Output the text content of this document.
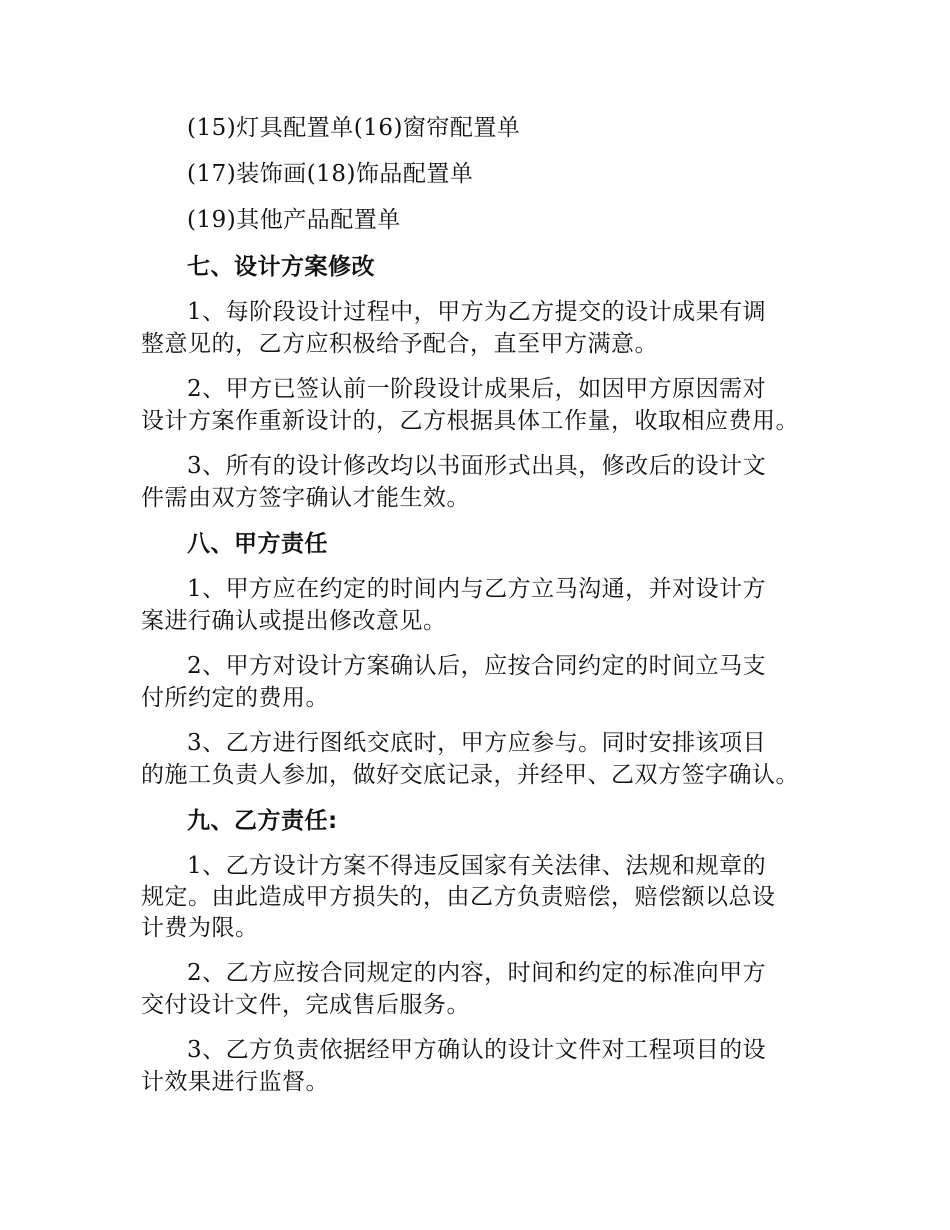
(15)灯具配置单(16)窗帘配置单
(17)装饰画(18)饰品配置单
(19)其他产品配置单
七、设计方案修改
1、每阶段设计过程中，甲方为乙方提交的设计成果有调
整意见的，乙方应积极给予配合，直至甲方满意。
2、甲方已签认前一阶段设计成果后，如因甲方原因需对
设计方案作重新设计的，乙方根据具体工作量，收取相应费用。
3、所有的设计修改均以书面形式出具，修改后的设计文
件需由双方签字确认才能生效。
八、甲方责任
1、甲方应在约定的时间内与乙方立马沟通，并对设计方
案进行确认或提出修改意见。
2、甲方对设计方案确认后，应按合同约定的时间立马支
付所约定的费用。
3、乙方进行图纸交底时，甲方应参与。同时安排该项目
的施工负责人参加，做好交底记录，并经甲、乙双方签字确认。
九、乙方责任:
1、乙方设计方案不得违反国家有关法律、法规和规章的
规定。由此造成甲方损失的，由乙方负责赔偿，赔偿额以总设
计费为限。
2、乙方应按合同规定的内容，时间和约定的标准向甲方
交付设计文件，完成售后服务。
3、乙方负责依据经甲方确认的设计文件对工程项目的设
计效果进行监督。
